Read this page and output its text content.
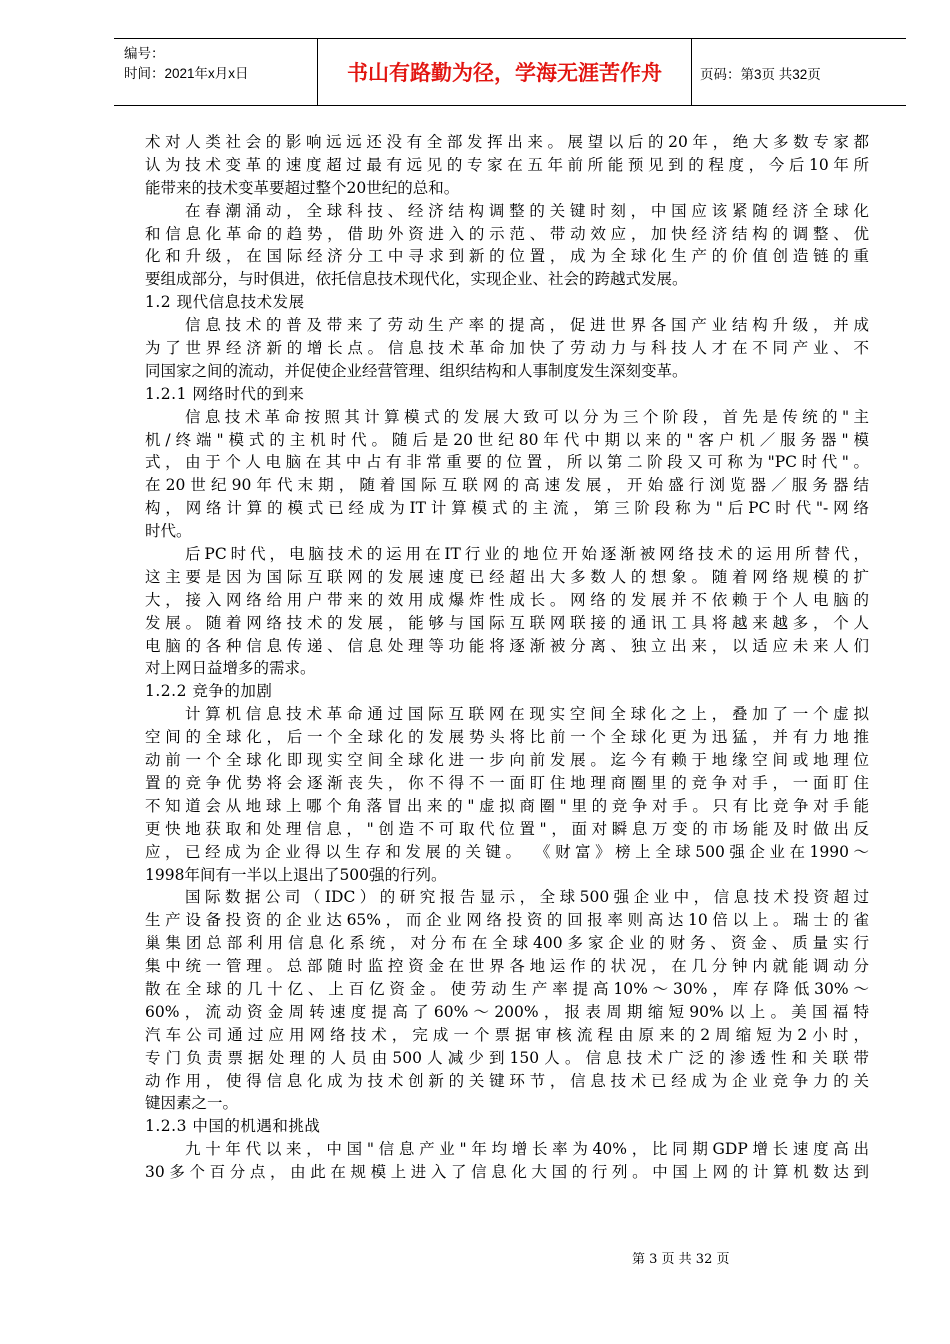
编号：
时间：2021年x月x日	书山有路勤为径，学海无涯苦作舟	页码：第3页 共32页
术对人类社会的影响远远还没有全部发挥出来。展望以后的20年，绝大多数专家都
认为技术变革的速度超过最有远见的专家在五年前所能预见到的程度，今后10年所
能带来的技术变革要超过整个20世纪的总和。
在春潮涌动，全球科技、经济结构调整的关键时刻，中国应该紧随经济全球化
和信息化革命的趋势，借助外资进入的示范、带动效应，加快经济结构的调整、优
化和升级，在国际经济分工中寻求到新的位置，成为全球化生产的价值创造链的重
要组成部分，与时俱进，依托信息技术现代化，实现企业、社会的跨越式发展。
1.2 现代信息技术发展
信息技术的普及带来了劳动生产率的提高，促进世界各国产业结构升级，并成
为了世界经济新的增长点。信息技术革命加快了劳动力与科技人才在不同产业、不
同国家之间的流动，并促使企业经营管理、组织结构和人事制度发生深刻变革。
1.2.1 网络时代的到来
信息技术革命按照其计算模式的发展大致可以分为三个阶段，首先是传统的"主
机/终端"模式的主机时代。随后是20世纪80年代中期以来的"客户机／服务器"模
式，由于个人电脑在其中占有非常重要的位置，所以第二阶段又可称为"PC时代"。
在20世纪90年代末期，随着国际互联网的高速发展，开始盛行浏览器／服务器结
构，网络计算的模式已经成为IT计算模式的主流，第三阶段称为"后PC时代"-网络
时代。
后PC时代，电脑技术的运用在IT行业的地位开始逐渐被网络技术的运用所替代，
这主要是因为国际互联网的发展速度已经超出大多数人的想象。随着网络规模的扩
大，接入网络给用户带来的效用成爆炸性成长。网络的发展并不依赖于个人电脑的
发展。随着网络技术的发展，能够与国际互联网联接的通讯工具将越来越多，个人
电脑的各种信息传递、信息处理等功能将逐渐被分离、独立出来，以适应未来人们
对上网日益增多的需求。
1.2.2 竞争的加剧
计算机信息技术革命通过国际互联网在现实空间全球化之上，叠加了一个虚拟
空间的全球化，后一个全球化的发展势头将比前一个全球化更为迅猛，并有力地推
动前一个全球化即现实空间全球化进一步向前发展。迄今有赖于地缘空间或地理位
置的竞争优势将会逐渐丧失，你不得不一面盯住地理商圈里的竞争对手，一面盯住
不知道会从地球上哪个角落冒出来的"虚拟商圈"里的竞争对手。只有比竞争对手能
更快地获取和处理信息，"创造不可取代位置"，面对瞬息万变的市场能及时做出反
应，已经成为企业得以生存和发展的关键。 《财富》榜上全球500强企业在1990～
1998年间有一半以上退出了500强的行列。
国际数据公司（IDC）的研究报告显示，全球500强企业中，信息技术投资超过
生产设备投资的企业达65%，而企业网络投资的回报率则高达10倍以上。瑞士的雀
巢集团总部利用信息化系统，对分布在全球400多家企业的财务、资金、质量实行
集中统一管理。总部随时监控资金在世界各地运作的状况，在几分钟内就能调动分
散在全球的几十亿、上百亿资金。使劳动生产率提高10%～30%，库存降低30%～
60%，流动资金周转速度提高了60%～200%，报表周期缩短90%以上。美国福特
汽车公司通过应用网络技术，完成一个票据审核流程由原来的2周缩短为2小时，
专门负责票据处理的人员由500人减少到150人。信息技术广泛的渗透性和关联带
动作用，使得信息化成为技术创新的关键环节，信息技术已经成为企业竞争力的关
键因素之一。
1.2.3 中国的机遇和挑战
九十年代以来，中国"信息产业"年均增长率为40%，比同期GDP增长速度高出
30多个百分点，由此在规模上进入了信息化大国的行列。中国上网的计算机数达到
第 3 页 共 32 页
